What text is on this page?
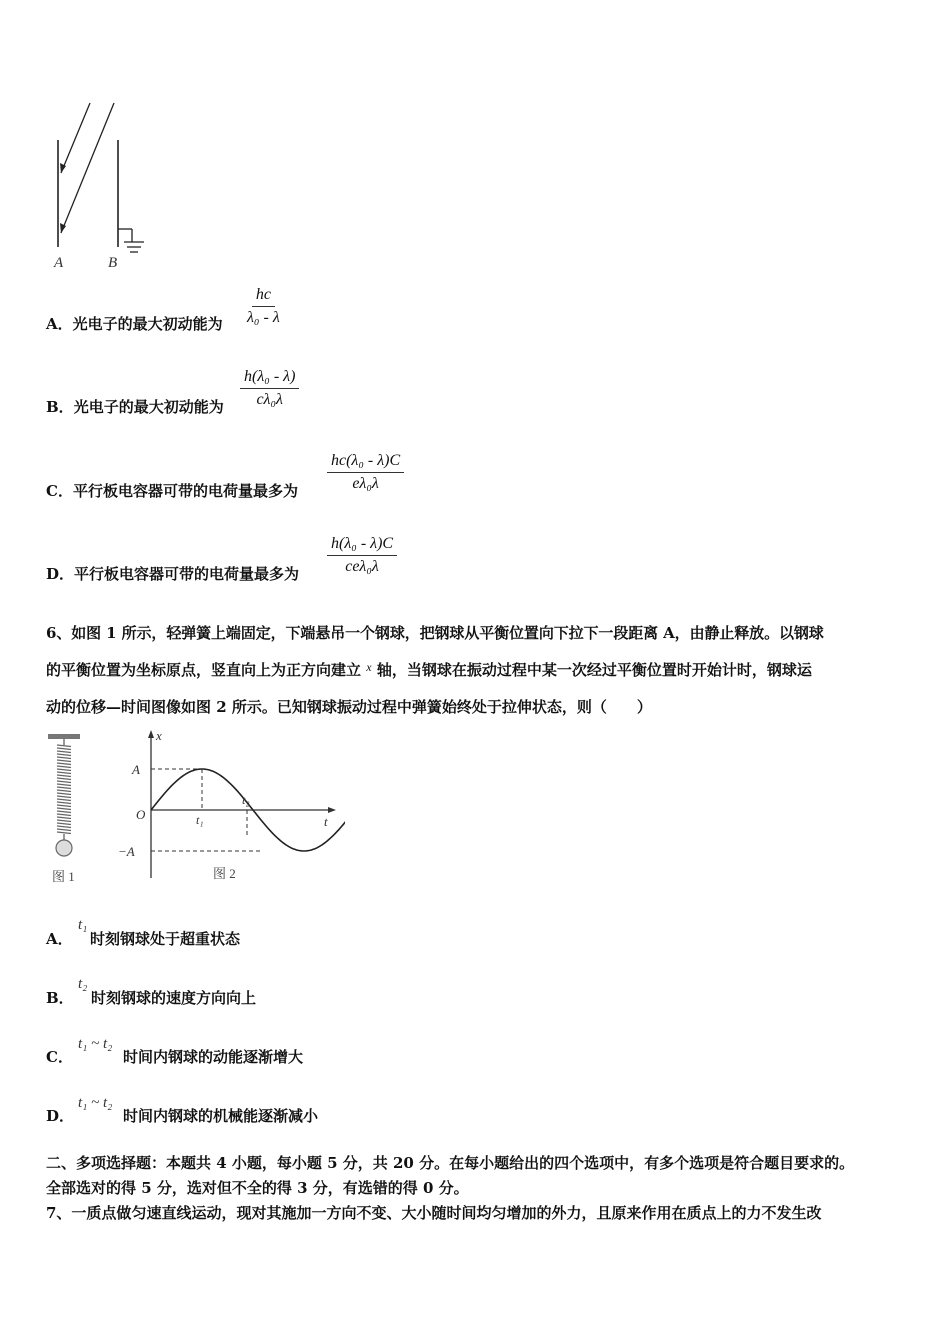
A	B
A．光电子的最大初动能为 $\frac{hc}{\text{λ₀ - λ}}$
B．光电子的最大初动能为 $\frac{\text{h(λ₀ - λ)}}{\text{cλ₀λ}}$
C．平行板电容器可带的电荷量最多为 $\frac{\text{hc(λ₀ - λ)C}}{\text{eλ₀λ}}$
D．平行板电容器可带的电荷量最多为
h(λ₀ - λ)C
ceλ₀λ
6、如图 1 所示，轻弹簧上端固定，下端悬吊一个钢球，把钢球从平衡位置向下拉下一段距离 A，由静止释放。以钢球
的平衡位置为坐标原点，竖直向上为正方向建立 $^x$ 轴，当钢球在振动过程中某一次经过平衡位置时开始计时，钢球运
动的位移—时间图像如图 2 所示。已知钢球振动过程中弹簧始终处于拉伸状态，则（　　）
图 1
x
t
O
A
−A
t₁
t₂
图 2
A．
t₁
时刻钢球处于超重状态
B．
t₂
时刻钢球的速度方向向上
C．
t₁ ~ t₂
时间内钢球的动能逐渐增大
D．
t₁ ~ t₂
时间内钢球的机械能逐渐减小
二、多项选择题：本题共 4 小题，每小题 5 分，共 20 分。在每小题给出的四个选项中，有多个选项是符合题目要求的。
全部选对的得 5 分，选对但不全的得 3 分，有选错的得 0 分。
7、一质点做匀速直线运动，现对其施加一方向不变、大小随时间均匀增加的外力，且原来作用在质点上的力不发生改
